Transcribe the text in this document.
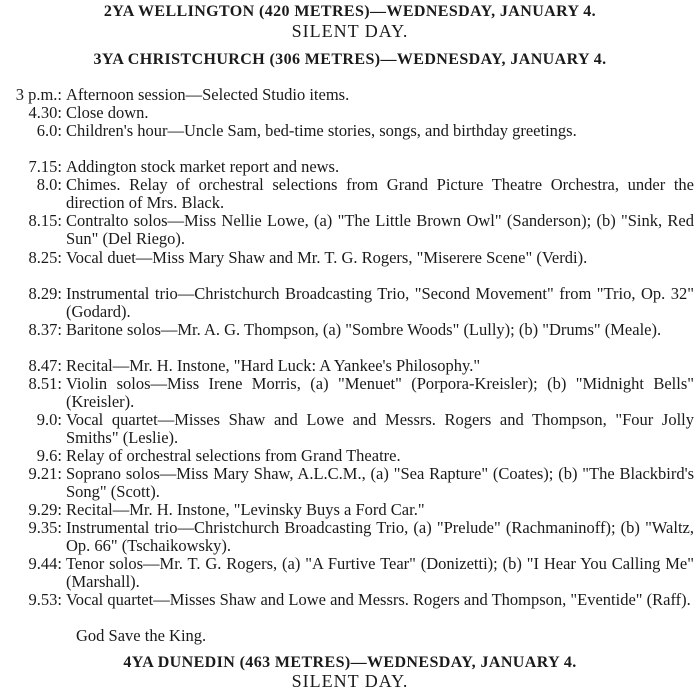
2YA WELLINGTON (420 METRES)—WEDNESDAY, JANUARY 4.
SILENT DAY.
3YA CHRISTCHURCH (306 METRES)—WEDNESDAY, JANUARY 4.
3 p.m.: Afternoon session—Selected Studio items.
4.30: Close down.
6.0: Children's hour—Uncle Sam, bed-time stories, songs, and birthday greetings.
7.15: Addington stock market report and news.
8.0: Chimes. Relay of orchestral selections from Grand Picture Theatre Orchestra, under the direction of Mrs. Black.
8.15: Contralto solos—Miss Nellie Lowe, (a) "The Little Brown Owl" (Sanderson); (b) "Sink, Red Sun" (Del Riego).
8.25: Vocal duet—Miss Mary Shaw and Mr. T. G. Rogers, "Miserere Scene" (Verdi).
8.29: Instrumental trio—Christchurch Broadcasting Trio, "Second Movement" from "Trio, Op. 32" (Godard).
8.37: Baritone solos—Mr. A. G. Thompson, (a) "Sombre Woods" (Lully); (b) "Drums" (Meale).
8.47: Recital—Mr. H. Instone, "Hard Luck: A Yankee's Philosophy."
8.51: Violin solos—Miss Irene Morris, (a) "Menuet" (Porpora-Kreisler); (b) "Midnight Bells" (Kreisler).
9.0: Vocal quartet—Misses Shaw and Lowe and Messrs. Rogers and Thompson, "Four Jolly Smiths" (Leslie).
9.6: Relay of orchestral selections from Grand Theatre.
9.21: Soprano solos—Miss Mary Shaw, A.L.C.M., (a) "Sea Rapture" (Coates); (b) "The Blackbird's Song" (Scott).
9.29: Recital—Mr. H. Instone, "Levinsky Buys a Ford Car."
9.35: Instrumental trio—Christchurch Broadcasting Trio, (a) "Prelude" (Rachmaninoff); (b) "Waltz, Op. 66" (Tschaikowsky).
9.44: Tenor solos—Mr. T. G. Rogers, (a) "A Furtive Tear" (Donizetti); (b) "I Hear You Calling Me" (Marshall).
9.53: Vocal quartet—Misses Shaw and Lowe and Messrs. Rogers and Thompson, "Eventide" (Raff).
God Save the King.
4YA DUNEDIN (463 METRES)—WEDNESDAY, JANUARY 4.
SILENT DAY.
